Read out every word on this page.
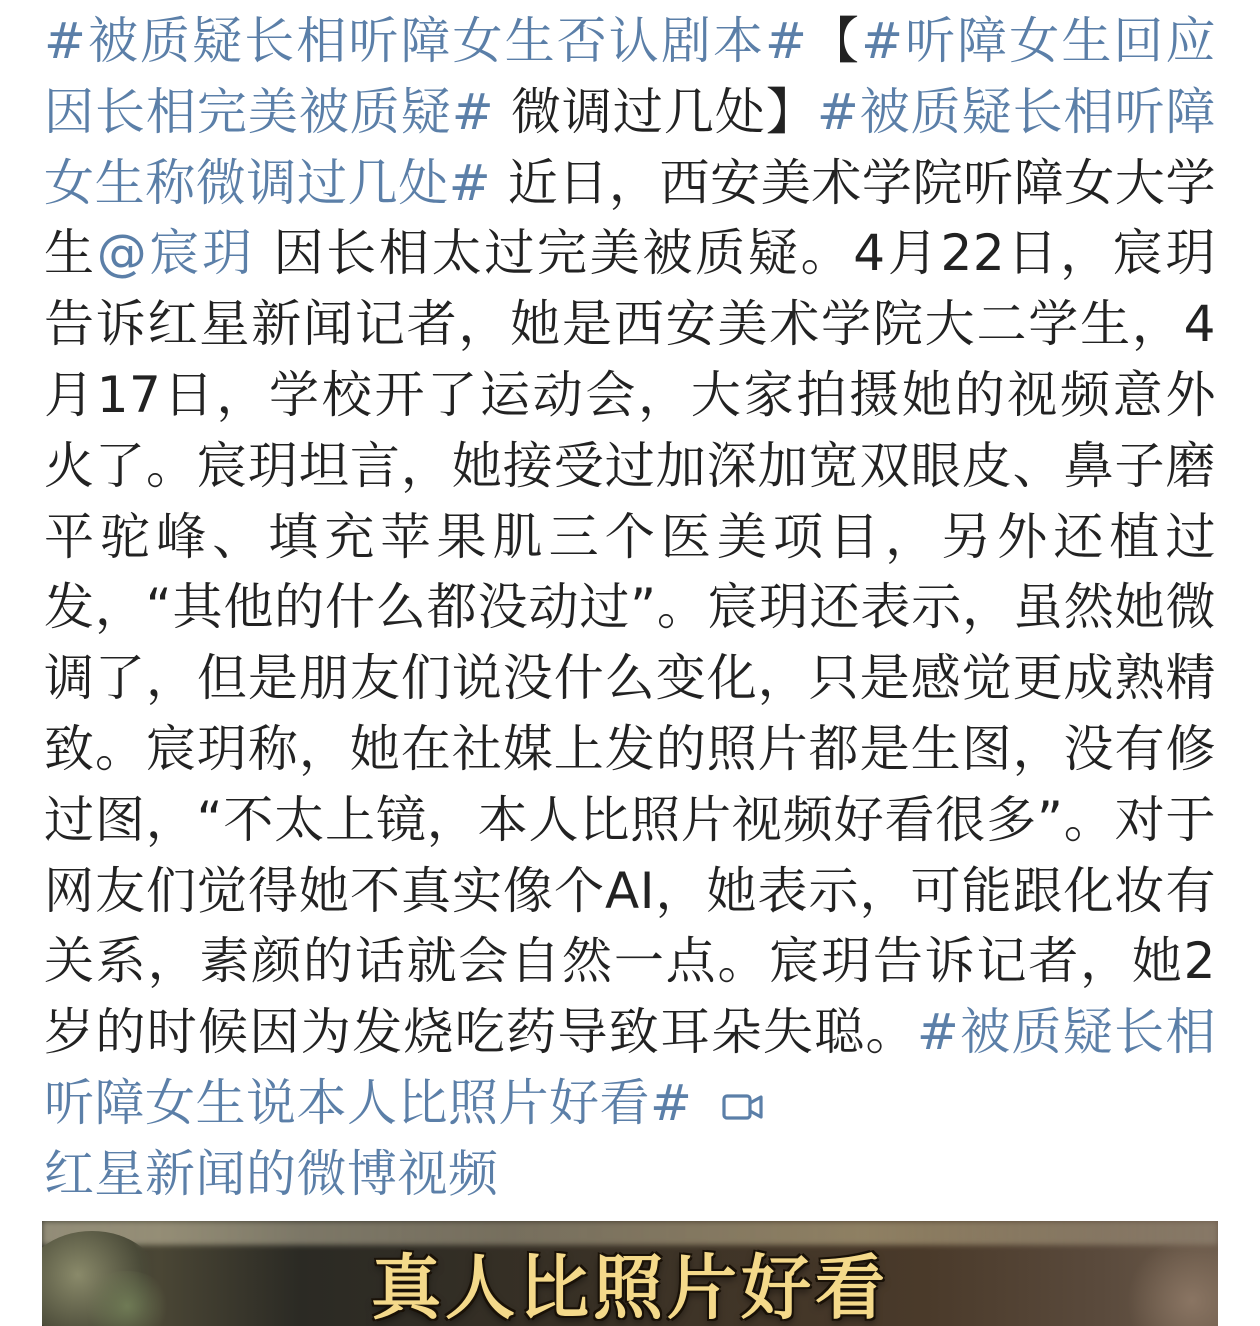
#被质疑长相听障女生否认剧本#【#听障女生回应因长相完美被质疑# 微调过几处】#被质疑长相听障女生称微调过几处# 近日，西安美术学院听障女大学生@宸玥 因长相太过完美被质疑。4月22日，宸玥告诉红星新闻记者，她是西安美术学院大二学生，4月17日，学校开了运动会，大家拍摄她的视频意外火了。宸玥坦言，她接受过加深加宽双眼皮、鼻子磨平驼峰、填充苹果肌三个医美项目，另外还植过发，“其他的什么都没动过”。宸玥还表示，虽然她微调了，但是朋友们说没什么变化，只是感觉更成熟精致。宸玥称，她在社媒上发的照片都是生图，没有修过图，“不太上镜，本人比照片视频好看很多”。对于网友们觉得她不真实像个AI，她表示，可能跟化妆有关系，素颜的话就会自然一点。宸玥告诉记者，她2岁的时候因为发烧吃药导致耳朵失聪。#被质疑长相听障女生说本人比照片好看#
红星新闻的微博视频
真人比照片好看
